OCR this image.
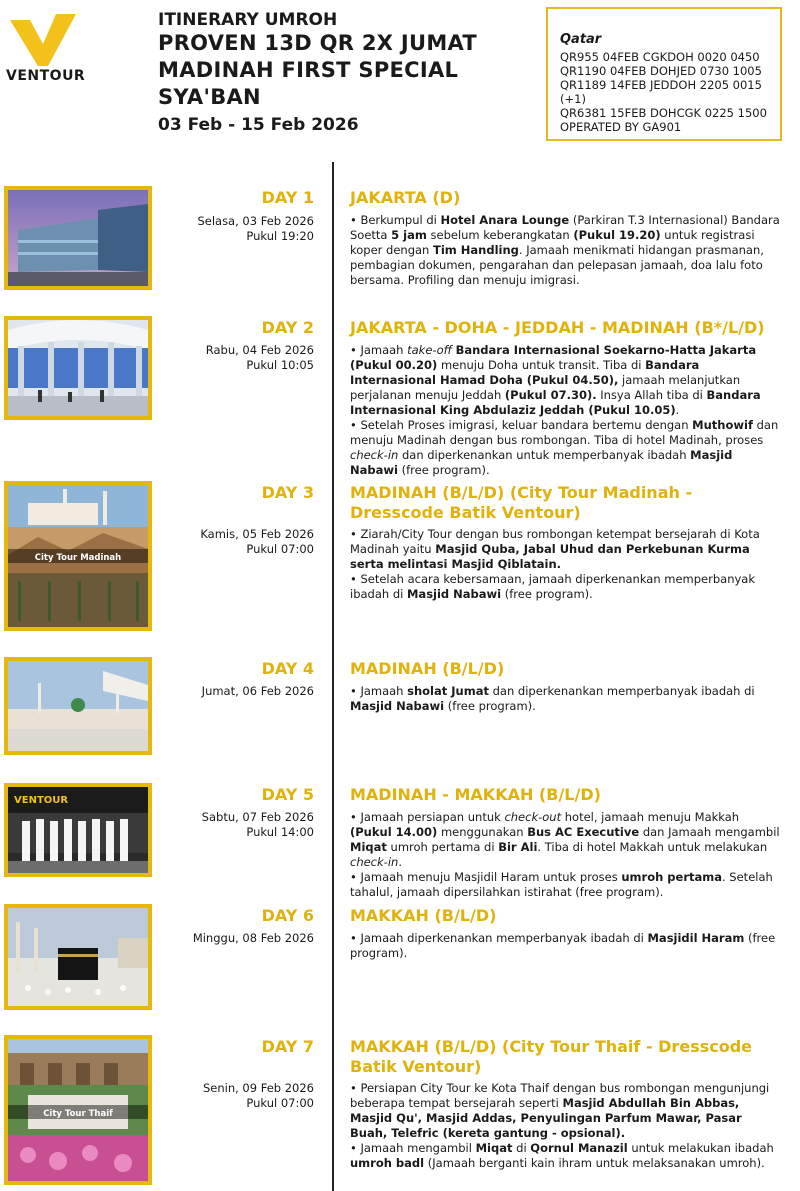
VENTOUR
ITINERARY UMROH
PROVEN 13D QR 2X JUMAT
MADINAH FIRST SPECIAL
SYA'BAN
03 Feb - 15 Feb 2026
Qatar
QR955 04FEB CGKDOH 0020 0450
QR1190 04FEB DOHJED 0730 1005
QR1189 14FEB JEDDOH 2205 0015 (+1)
QR6381 15FEB DOHCGK 0225 1500
OPERATED BY GA901
DAY 1
Selasa, 03 Feb 2026
Pukul 19:20
JAKARTA (D)
• Berkumpul di Hotel Anara Lounge (Parkiran T.3 Internasional) Bandara Soetta 5 jam sebelum keberangkatan (Pukul 19.20) untuk registrasi koper dengan Tim Handling. Jamaah menikmati hidangan prasmanan, pembagian dokumen, pengarahan dan pelepasan jamaah, doa lalu foto bersama. Profiling dan menuju imigrasi.
DAY 2
Rabu, 04 Feb 2026
Pukul 10:05
JAKARTA - DOHA - JEDDAH - MADINAH (B*/L/D)
• Jamaah take-off Bandara Internasional Soekarno-Hatta Jakarta (Pukul 00.20) menuju Doha untuk transit. Tiba di Bandara Internasional Hamad Doha (Pukul 04.50), jamaah melanjutkan perjalanan menuju Jeddah (Pukul 07.30). Insya Allah tiba di Bandara Internasional King Abdulaziz Jeddah (Pukul 10.05).
• Setelah Proses imigrasi, keluar bandara bertemu dengan Muthowif dan menuju Madinah dengan bus rombongan. Tiba di hotel Madinah, proses check-in dan diperkenankan untuk memperbanyak ibadah Masjid Nabawi (free program).
City Tour Madinah
DAY 3
Kamis, 05 Feb 2026
Pukul 07:00
MADINAH (B/L/D) (City Tour Madinah - Dresscode Batik Ventour)
• Ziarah/City Tour dengan bus rombongan ketempat bersejarah di Kota Madinah yaitu Masjid Quba, Jabal Uhud dan Perkebunan Kurma serta melintasi Masjid Qiblatain.
• Setelah acara kebersamaan, jamaah diperkenankan memperbanyak ibadah di Masjid Nabawi (free program).
DAY 4
Jumat, 06 Feb 2026
MADINAH (B/L/D)
• Jamaah sholat Jumat dan diperkenankan memperbanyak ibadah di Masjid Nabawi (free program).
VENTOUR	DAY 5
Sabtu, 07 Feb 2026
Pukul 14:00
MADINAH - MAKKAH (B/L/D)
• Jamaah persiapan untuk check-out hotel, jamaah menuju Makkah (Pukul 14.00) menggunakan Bus AC Executive dan Jamaah mengambil Miqat umroh pertama di Bir Ali. Tiba di hotel Makkah untuk melakukan check-in.
• Jamaah menuju Masjidil Haram untuk proses umroh pertama. Setelah tahalul, jamaah dipersilahkan istirahat (free program).
DAY 6
Minggu, 08 Feb 2026
MAKKAH (B/L/D)
• Jamaah diperkenankan memperbanyak ibadah di Masjidil Haram (free program).
City Tour Thaif
DAY 7
Senin, 09 Feb 2026
Pukul 07:00
MAKKAH (B/L/D) (City Tour Thaif - Dresscode Batik Ventour)
• Persiapan City Tour ke Kota Thaif dengan bus rombongan mengunjungi beberapa tempat bersejarah seperti Masjid Abdullah Bin Abbas, Masjid Qu', Masjid Addas, Penyulingan Parfum Mawar, Pasar Buah, Telefric (kereta gantung - opsional).
• Jamaah mengambil Miqat di Qornul Manazil untuk melakukan ibadah umroh badl (Jamaah berganti kain ihram untuk melaksanakan umroh).
